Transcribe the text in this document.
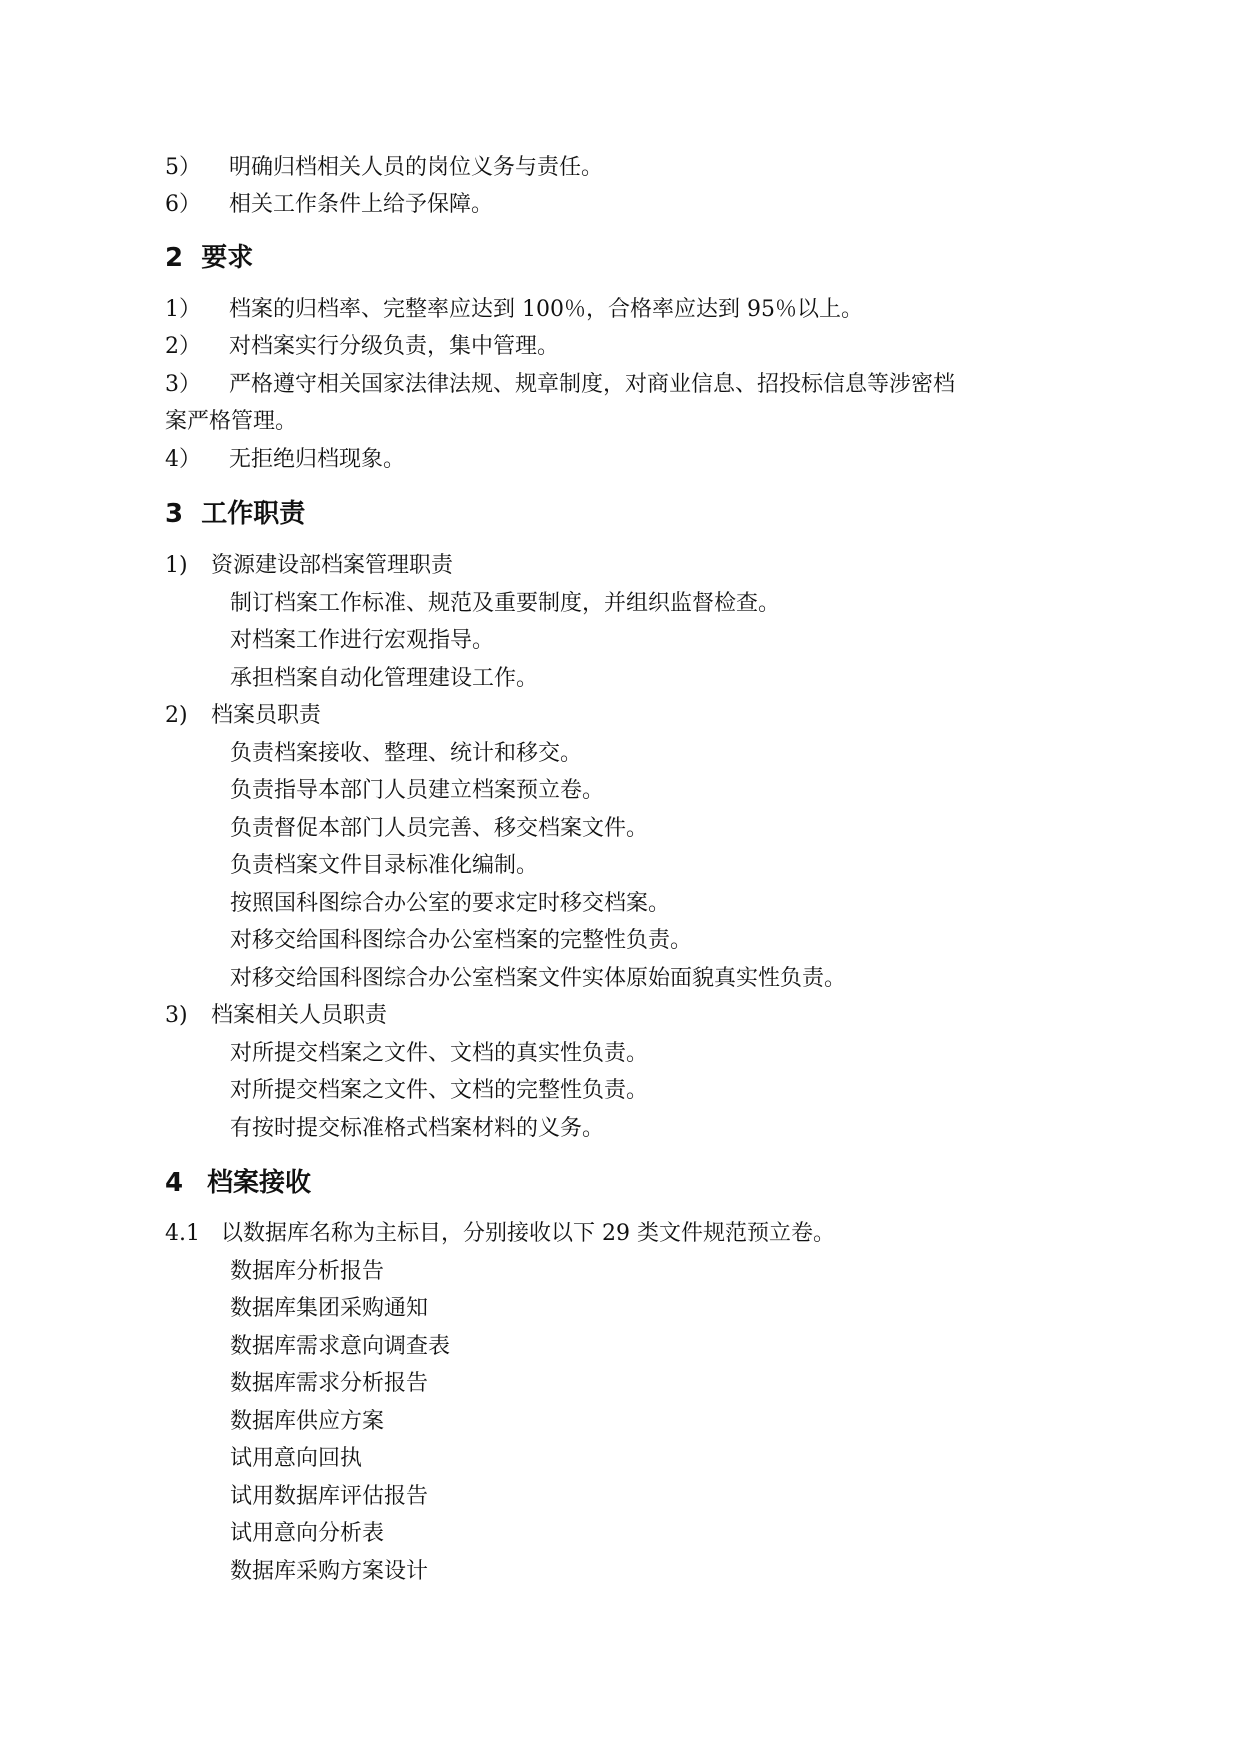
5） 明确归档相关人员的岗位义务与责任。
6） 相关工作条件上给予保障。
2 要求
1） 档案的归档率、完整率应达到 100％，合格率应达到 95％以上。
2） 对档案实行分级负责，集中管理。
3） 严格遵守相关国家法律法规、规章制度，对商业信息、招投标信息等涉密档
案严格管理。
4） 无拒绝归档现象。
3 工作职责
1) 资源建设部档案管理职责
制订档案工作标准、规范及重要制度，并组织监督检查。
对档案工作进行宏观指导。
承担档案自动化管理建设工作。
2) 档案员职责
负责档案接收、整理、统计和移交。
负责指导本部门人员建立档案预立卷。
负责督促本部门人员完善、移交档案文件。
负责档案文件目录标准化编制。
按照国科图综合办公室的要求定时移交档案。
对移交给国科图综合办公室档案的完整性负责。
对移交给国科图综合办公室档案文件实体原始面貌真实性负责。
3) 档案相关人员职责
对所提交档案之文件、文档的真实性负责。
对所提交档案之文件、文档的完整性负责。
有按时提交标准格式档案材料的义务。
4 档案接收
4.1 以数据库名称为主标目，分别接收以下 29 类文件规范预立卷。
数据库分析报告
数据库集团采购通知
数据库需求意向调查表
数据库需求分析报告
数据库供应方案
试用意向回执
试用数据库评估报告
试用意向分析表
数据库采购方案设计
